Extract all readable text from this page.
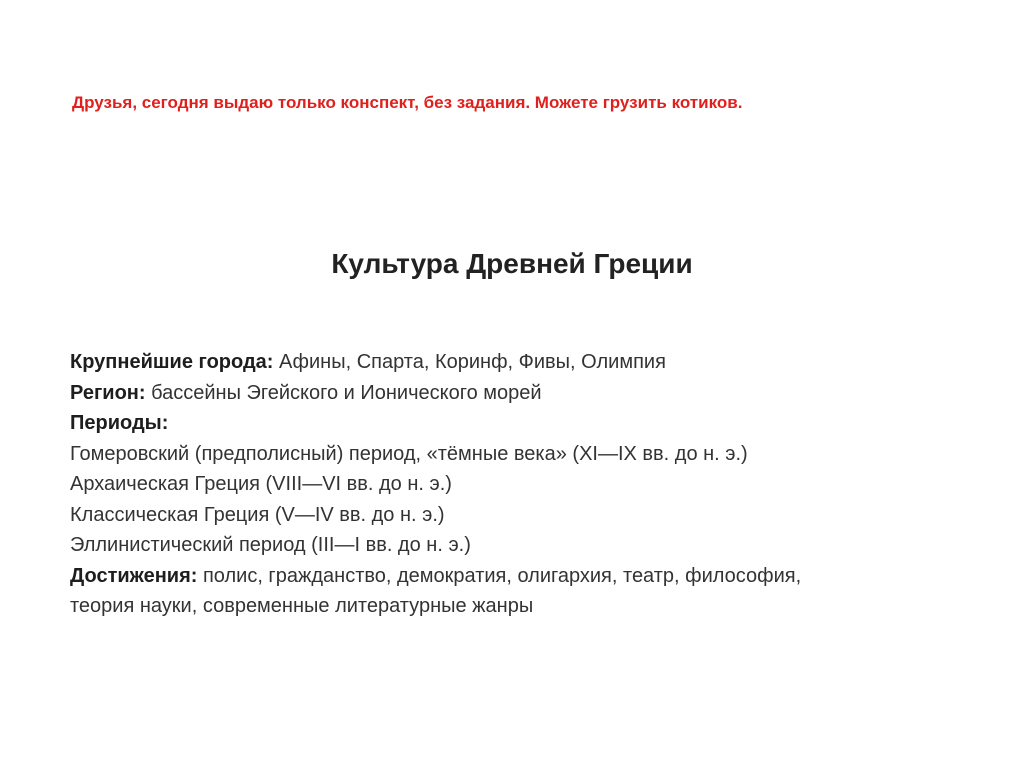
Друзья, сегодня выдаю только конспект, без задания. Можете грузить котиков.
Культура Древней Греции
Крупнейшие города: Афины, Спарта, Коринф, Фивы, Олимпия
Регион: бассейны Эгейского и Ионического морей
Периоды:
Гомеровский (предполисный) период, «тёмные века» (XI—IX вв. до н. э.)
Архаическая Греция (VIII—VI вв. до н. э.)
Классическая Греция (V—IV вв. до н. э.)
Эллинистический период (III—I вв. до н. э.)
Достижения: полис, гражданство, демократия, олигархия, театр, философия,
теория науки, современные литературные жанры
